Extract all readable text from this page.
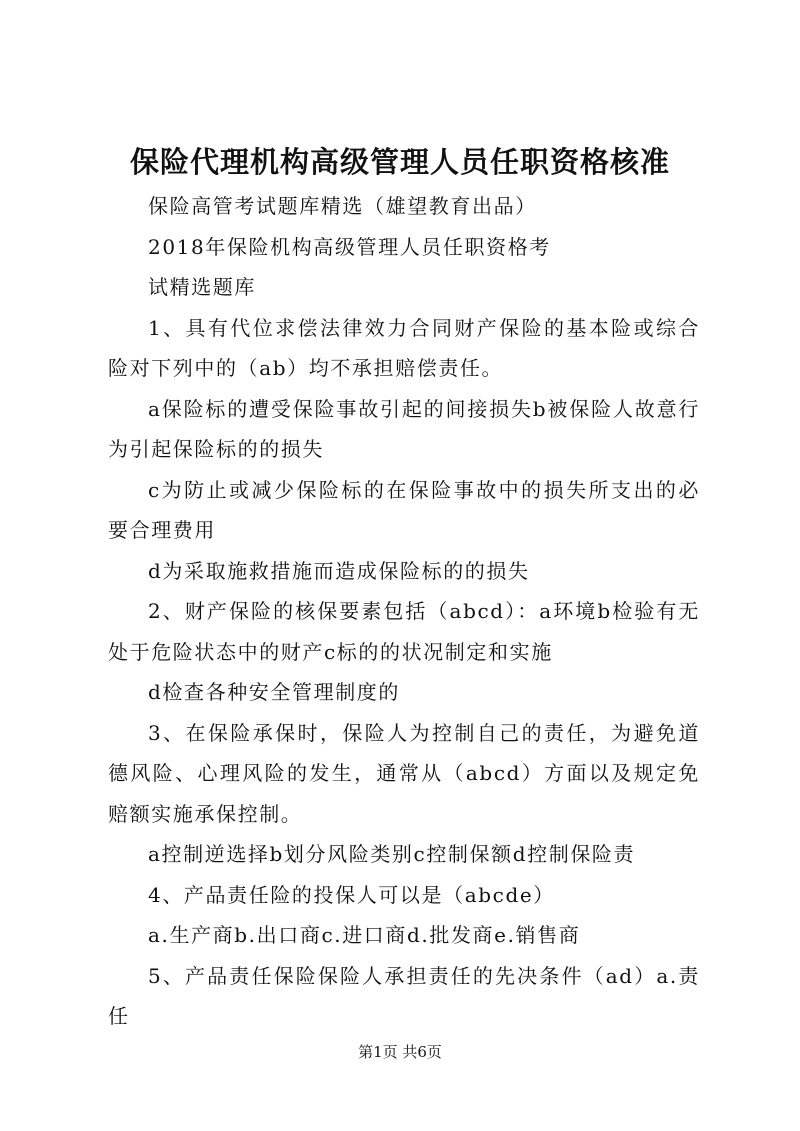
保险代理机构高级管理人员任职资格核准

保险高管考试题库精选（雄望教育出品）

2018年保险机构高级管理人员任职资格考

试精选题库

1、具有代位求偿法律效力合同财产保险的基本险或综合险对下列中的（ab）均不承担赔偿责任。

a保险标的遭受保险事故引起的间接损失b被保险人故意行为引起保险标的的损失

c为防止或减少保险标的在保险事故中的损失所支出的必要合理费用

d为采取施救措施而造成保险标的的损失

2、财产保险的核保要素包括（abcd）：a环境b检验有无处于危险状态中的财产c标的的状况制定和实施

d检查各种安全管理制度的

3、在保险承保时，保险人为控制自己的责任，为避免道德风险、心理风险的发生，通常从（abcd）方面以及规定免赔额实施承保控制。

a控制逆选择b划分风险类别c控制保额d控制保险责

4、产品责任险的投保人可以是（abcde）

a.生产商b.出口商c.进口商d.批发商e.销售商

5、产品责任保险保险人承担责任的先决条件（ad）a.责任

第1页 共6页
